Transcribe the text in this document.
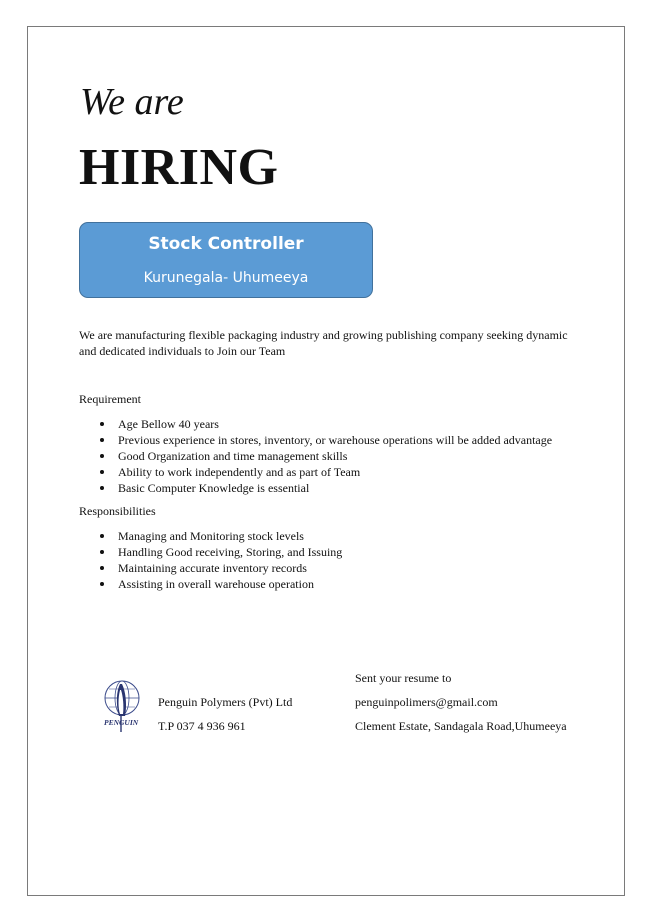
We are
HIRING
Stock Controller
Kurunegala- Uhumeeya
We are manufacturing flexible packaging industry and growing publishing company seeking dynamic and dedicated individuals to Join our Team
Requirement
Age Bellow 40 years
Previous experience in stores, inventory, or warehouse operations will be added advantage
Good Organization and time management skills
Ability to work independently and as part of Team
Basic Computer Knowledge is essential
Responsibilities
Managing and Monitoring stock levels
Handling Good receiving, Storing, and Issuing
Maintaining accurate inventory records
Assisting in overall warehouse operation
PENGUIN
Penguin Polymers (Pvt) Ltd
T.P 037 4 936 961
Sent your resume to
penguinpolimers@gmail.com
Clement Estate, Sandagala Road,Uhumeeya
